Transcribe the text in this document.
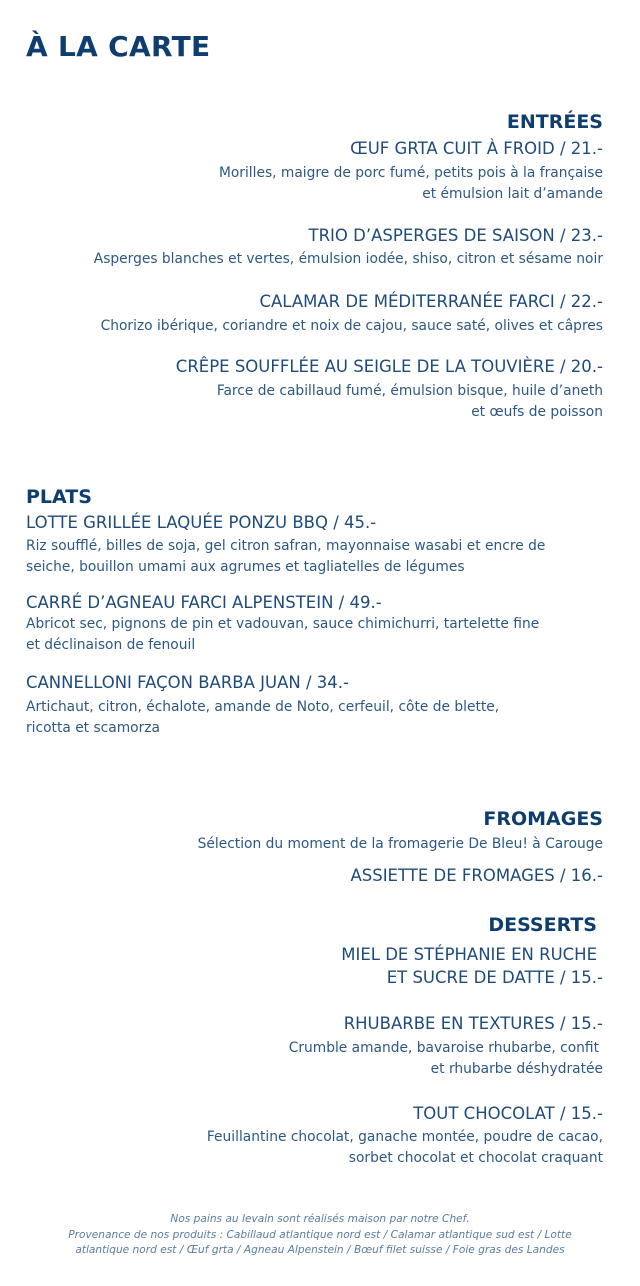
À LA CARTE
ENTRÉES
ŒUF GRTA CUIT À FROID / 21.-
Morilles, maigre de porc fumé, petits pois à la française
et émulsion lait d’amande
TRIO D’ASPERGES DE SAISON / 23.-
Asperges blanches et vertes, émulsion iodée, shiso, citron et sésame noir
CALAMAR DE MÉDITERRANÉE FARCI / 22.-
Chorizo ibérique, coriandre et noix de cajou, sauce saté, olives et câpres
CRÊPE SOUFFLÉE AU SEIGLE DE LA TOUVIÈRE / 20.-
Farce de cabillaud fumé, émulsion bisque, huile d’aneth
et œufs de poisson
PLATS
LOTTE GRILLÉE LAQUÉE PONZU BBQ / 45.-
Riz soufflé, billes de soja, gel citron safran, mayonnaise wasabi et encre de
seiche, bouillon umami aux agrumes et tagliatelles de légumes
CARRÉ D’AGNEAU FARCI ALPENSTEIN / 49.-
Abricot sec, pignons de pin et vadouvan, sauce chimichurri, tartelette fine
et déclinaison de fenouil
CANNELLONI FAÇON BARBA JUAN / 34.-
Artichaut, citron, échalote, amande de Noto, cerfeuil, côte de blette,
ricotta et scamorza
FROMAGES
Sélection du moment de la fromagerie De Bleu! à Carouge
ASSIETTE DE FROMAGES / 16.-
DESSERTS
MIEL DE STÉPHANIE EN RUCHE
ET SUCRE DE DATTE / 15.-
RHUBARBE EN TEXTURES / 15.-
Crumble amande, bavaroise rhubarbe, confit
et rhubarbe déshydratée
TOUT CHOCOLAT / 15.-
Feuillantine chocolat, ganache montée, poudre de cacao,
sorbet chocolat et chocolat craquant
Nos pains au levain sont réalisés maison par notre Chef.
Provenance de nos produits : Cabillaud atlantique nord est / Calamar atlantique sud est / Lotte
atlantique nord est / Œuf grta / Agneau Alpenstein / Bœuf filet suisse / Foie gras des Landes
